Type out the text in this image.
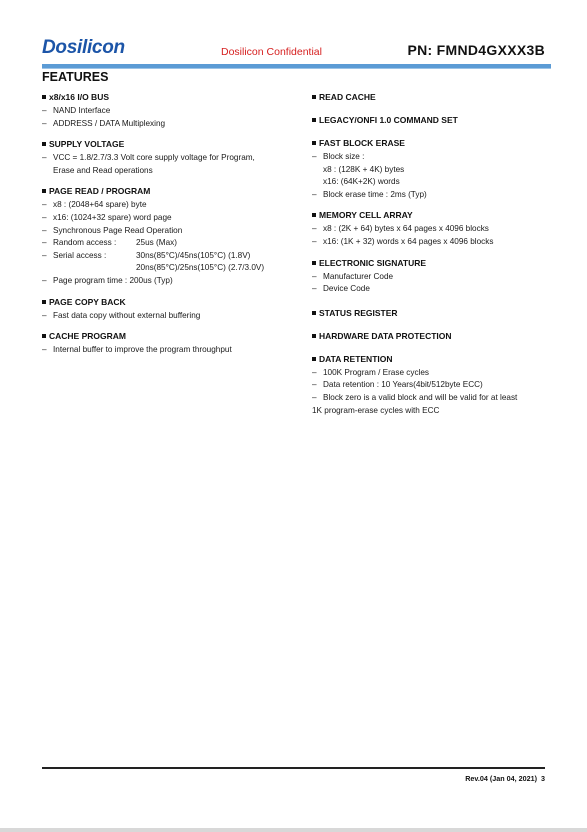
Dosilicon	Dosilicon Confidential	PN: FMND4GXXX3B
FEATURES
x8/x16 I/O BUS
– NAND Interface
– ADDRESS / DATA Multiplexing
SUPPLY VOLTAGE
– VCC = 1.8/2.7/3.3 Volt core supply voltage for Program,
Erase and Read operations
PAGE READ / PROGRAM
– x8 : (2048+64 spare) byte
– x16: (1024+32 spare) word page
– Synchronous Page Read Operation
– Random access :	25us (Max)
– Serial access :	30ns(85°C)/45ns(105°C) (1.8V)
20ns(85°C)/25ns(105°C) (2.7/3.0V)
– Page program time : 200us (Typ)
PAGE COPY BACK
– Fast data copy without external buffering
CACHE PROGRAM
– Internal buffer to improve the program throughput
READ CACHE
LEGACY/ONFI 1.0 COMMAND SET
FAST BLOCK ERASE
– Block size :
x8 : (128K + 4K) bytes
x16: (64K+2K) words
– Block erase time : 2ms (Typ)
MEMORY CELL ARRAY
– x8 : (2K + 64) bytes x 64 pages x 4096 blocks
– x16: (1K + 32) words x 64 pages x 4096 blocks
ELECTRONIC SIGNATURE
– Manufacturer Code
– Device Code
STATUS REGISTER
HARDWARE DATA PROTECTION
DATA RETENTION
– 100K Program / Erase cycles
– Data retention : 10 Years(4bit/512byte ECC)
– Block zero is a valid block and will be valid for at least
1K program-erase cycles with ECC
Rev.04 (Jan 04, 2021) 3
